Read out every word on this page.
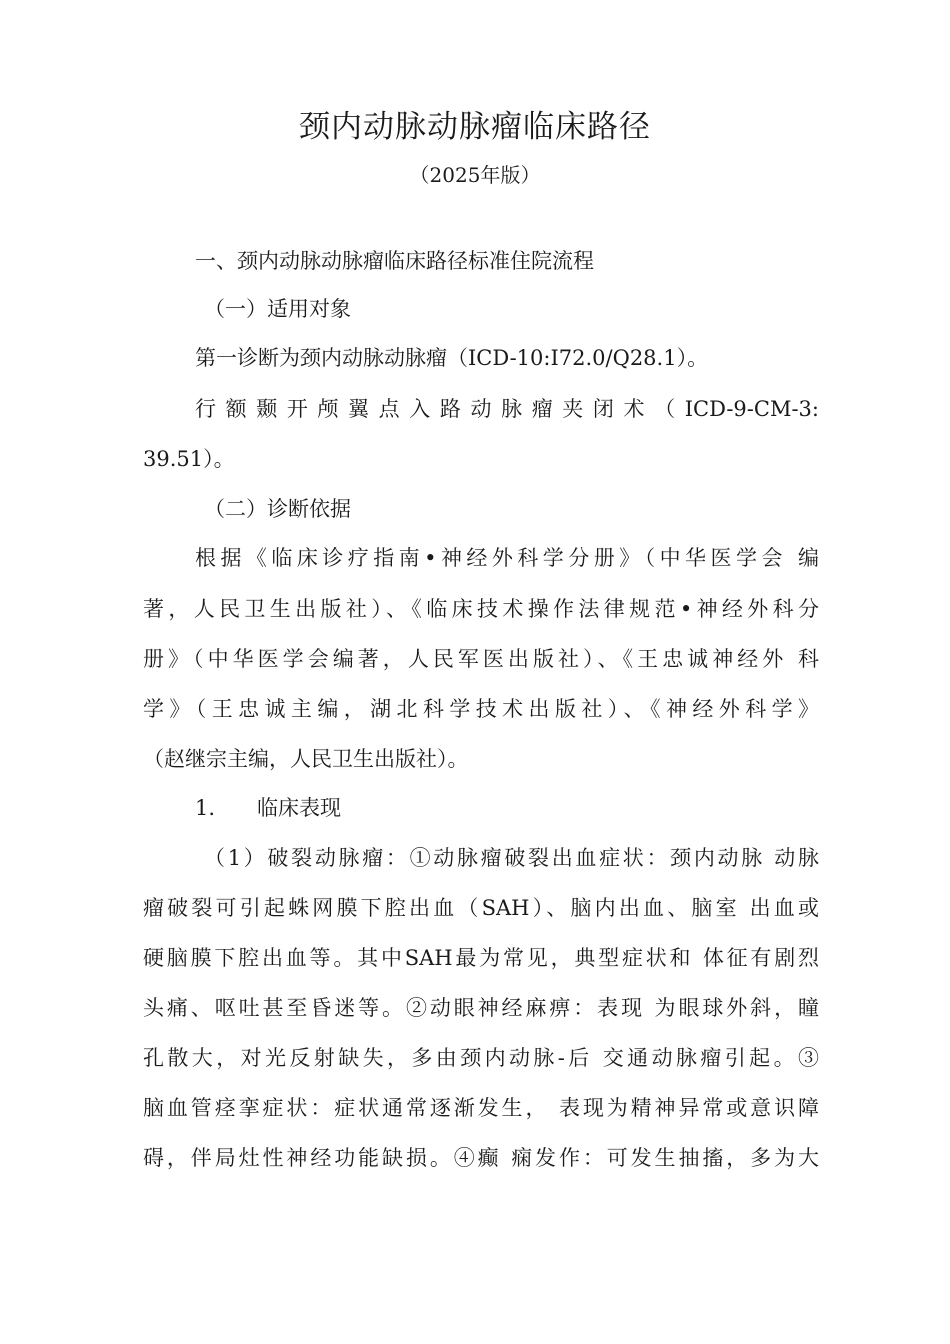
颈内动脉动脉瘤临床路径
（2025年版）
一、颈内动脉动脉瘤临床路径标准住院流程
（一）适用对象
第一诊断为颈内动脉动脉瘤（ICD-10:I72.0/Q28.1）。
行 额 颞 开 颅 翼 点 入 路 动 脉 瘤 夹 闭 术 （ ICD-9-CM-3:
39.51）。
（二）诊断依据
根据《临床诊疗指南•神经外科学分册》（中华医学会 编
著，人民卫生出版社）、《临床技术操作法律规范•神经外科分
册》（中华医学会编著，人民军医出版社）、《王忠诚神经外 科
学》（王忠诚主编，湖北科学技术出版社）、《神经外科学》
（赵继宗主编，人民卫生出版社）。
1. 临床表现
（1）破裂动脉瘤：①动脉瘤破裂出血症状：颈内动脉 动脉
瘤破裂可引起蛛网膜下腔出血（SAH）、脑内出血、脑室 出血或
硬脑膜下腔出血等。其中SAH最为常见，典型症状和 体征有剧烈
头痛、呕吐甚至昏迷等。②动眼神经麻痹：表现 为眼球外斜，瞳
孔散大，对光反射缺失，多由颈内动脉-后 交通动脉瘤引起。③
脑血管痉挛症状：症状通常逐渐发生， 表现为精神异常或意识障
碍，伴局灶性神经功能缺损。④癫 痫发作：可发生抽搐，多为大
